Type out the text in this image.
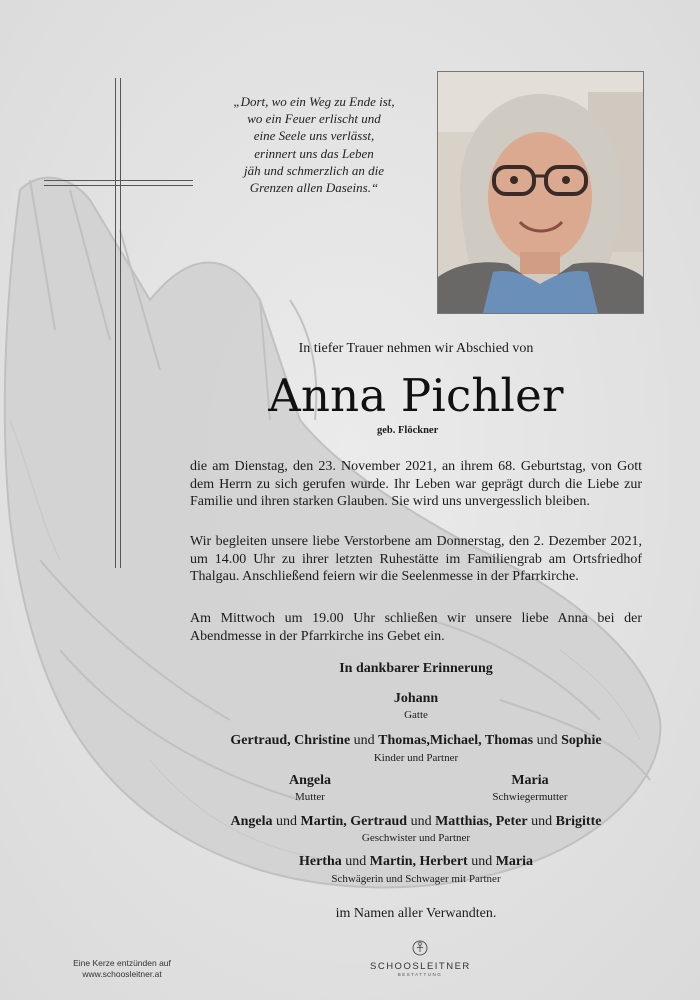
„Dort, wo ein Weg zu Ende ist,
wo ein Feuer erlischt und
eine Seele uns verlässt,
erinnert uns das Leben
jäh und schmerzlich an die
Grenzen allen Daseins.“
In tiefer Trauer nehmen wir Abschied von
Anna Pichler
geb. Flöckner
die am Dienstag, den 23. November 2021, an ihrem 68. Geburtstag, von Gott dem Herrn zu sich gerufen wurde. Ihr Leben war geprägt durch die Liebe zur Familie und ihren starken Glauben. Sie wird uns unvergesslich bleiben.
Wir begleiten unsere liebe Verstorbene am Donnerstag, den 2. Dezember 2021, um 14.00 Uhr zu ihrer letzten Ruhestätte im Familiengrab am Ortsfriedhof Thalgau. Anschließend feiern wir die Seelenmesse in der Pfarrkirche.
Am Mittwoch um 19.00 Uhr schließen wir unsere liebe Anna bei der Abendmesse in der Pfarrkirche ins Gebet ein.
In dankbarer Erinnerung
Johann
Gatte
Gertraud, Christine und Thomas,Michael, Thomas und Sophie
Kinder und Partner
Angela
Mutter
Maria
Schwiegermutter
Angela und Martin, Gertraud und Matthias, Peter und Brigitte
Geschwister und Partner
Hertha und Martin, Herbert und Maria
Schwägerin und Schwager mit Partner
im Namen aller Verwandten.
Eine Kerze entzünden auf
www.schoosleitner.at
SCHOOSLEITNER
BESTATTUNG
